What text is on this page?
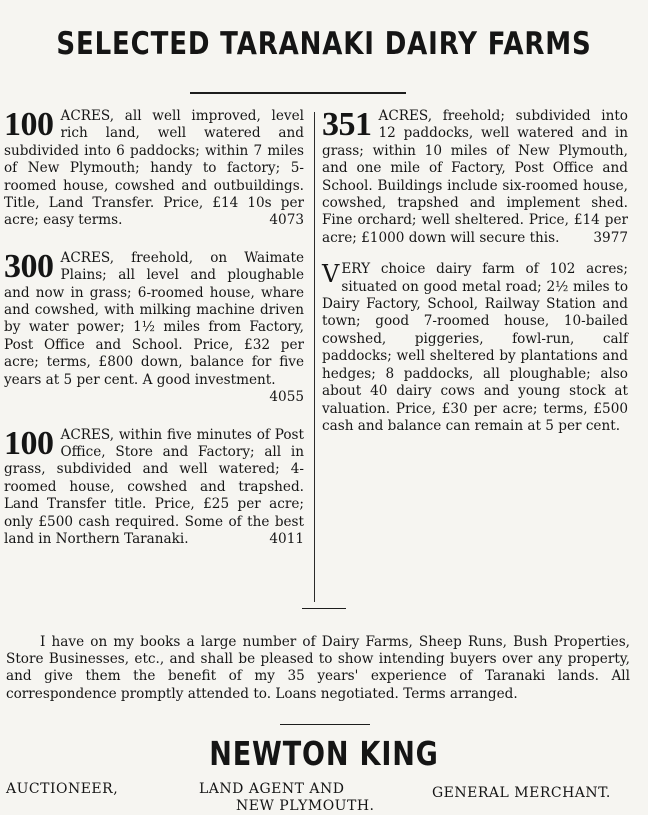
SELECTED TARANAKI DAIRY FARMS

100 ACRES, all well improved, level rich land, well watered and subdivided into 6 paddocks; within 7 miles of New Plymouth; handy to factory; 5-roomed house, cowshed and outbuildings. Title, Land Transfer. Price, £14 10s per acre; easy terms.	4073

300 ACRES, freehold, on Waimate Plains; all level and ploughable and now in grass; 6-roomed house, whare and cowshed, with milking machine driven by water power; 1½ miles from Factory, Post Office and School. Price, £32 per acre; terms, £800 down, balance for five years at 5 per cent. A good investment.
4055

100 ACRES, within five minutes of Post Office, Store and Factory; all in grass, subdivided and well watered; 4-roomed house, cowshed and trapshed. Land Transfer title. Price, £25 per acre; only £500 cash required. Some of the best land in Northern Taranaki.	4011

351 ACRES, freehold; subdivided into 12 paddocks, well watered and in grass; within 10 miles of New Plymouth, and one mile of Factory, Post Office and School. Buildings include six-roomed house, cowshed, trapshed and implement shed. Fine orchard; well sheltered. Price, £14 per acre; £1000 down will secure this.	3977

VERY choice dairy farm of 102 acres; situated on good metal road; 2½ miles to Dairy Factory, School, Railway Station and town; good 7-roomed house, 10-bailed cowshed, piggeries, fowl-run, calf paddocks; well sheltered by plantations and hedges; 8 paddocks, all ploughable; also about 40 dairy cows and young stock at valuation. Price, £30 per acre; terms, £500 cash and balance can remain at 5 per cent.

I have on my books a large number of Dairy Farms, Sheep Runs, Bush Properties, Store Businesses, etc., and shall be pleased to show intending buyers over any property, and give them the benefit of my 35 years' experience of Taranaki lands. All correspondence promptly attended to. Loans negotiated. Terms arranged.

NEWTON KING
AUCTIONEER,	LAND AGENT AND
NEW PLYMOUTH.
GENERAL MERCHANT.
